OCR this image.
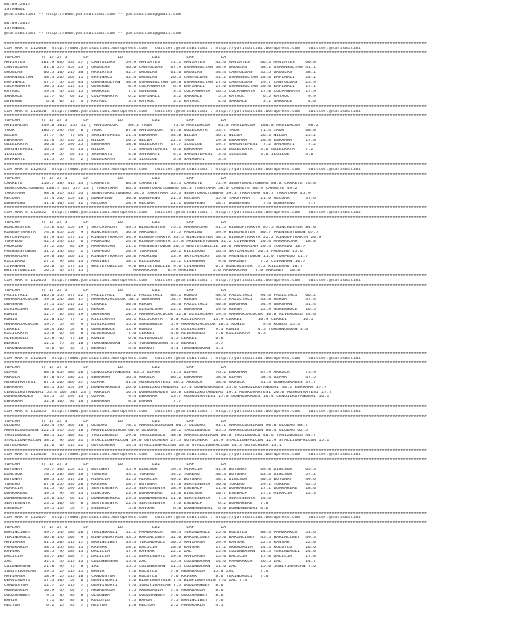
06.09.2017
ISTANBUL
@YarisBilimi -- http://www.yarisbilimi.com -- yarisbilimi@gmail.com
06.09.2017
ISTANBUL
@YarisBilimi -- http://www.yarisbilimi.com -- yarisbilimi@gmail.com
################################################################################################################################################################
CIM ARA = 112048  http://www.yarisbilimi.wordpress.com   twitter:@YarisBilimi : http://yarisbilimi.wordpress.com   twitter:@YarisBilimi
################################################################################################################################################################
TOPLAM        Y/ 1/ 2/ 3      LF           LD           LD2          LAF          LA
MAVIATES      101.9 46/ 33/ 27 | CANYOLDAS    59.9 MAVIATES    72.1 MAVIATES    42.6 MAVIATES    66.3 MAVIATES    60.8
CANYOLDAS      81.8 27/ 45/ 23 | ORUGLAS      46.0 CANYOLDAS   67.9 OSMANSULTAN 38.9 ORUGLAS     38.1 OSMANSULTAN 41.1
ORUGLAS        66.5 18/ 21/ 38 | MAVIATES     42.7 ORUGLAS     61.6 ORUGLAS     34.4 CANYOLDAS   32.5 ORUGLAS     38.1
OSMANSULTAN    48.3 26/ 16/ 11 | ERFINALI     32.4 ORUGLAS     26.3 CANYOLDAS   31.2 OSMANSULTAN 28.6 ERFINALI    24.2
ERFINALI       47.7  3/ 15/ 44 | OSMANSULTAN  30.8 OSMANSULTAN 18.8 OSMANSULTAN 27.6 CANYOLDAS   19.7 CANYOLDAS   25.9
COLPANMAYA     30.1 13/ 11/ 11 | GUVERNE       8.9 COLPANMAYA   6.9 ERFINALI    17.0 OSMANSULTAN 20.0 ERFINALI    17.1
KAYAOC         19.4  4/ 13/ 15 | SARKALE       7.2 GUVERNE      3.3 COLPANMAYA  16.5 COLPANMAYA  17.0 COLPANMAYA  17.9
SARKALE        12.7  6/  6/ 12 | COLPANMAYA    6.2 ERFINALI     3.2 SARKALE      5.3 KAYAOC       6.5 KAYAOC       9.9
GUVERNE         6.0  0/  1/  4 | KAYAOC        3.4 KAYAOC       3.1 KAYAOC       4.6 SARKALE      3.1 SARKALE      4.0
################################################################################################################################################################
CIM ARA = 112050  http://www.yarisbilimi.wordpress.com   twitter:@YarisBilimi : http://yarisbilimi.wordpress.com   twitter:@YarisBilimi
################################################################################################################################################################
TOPLAM        Y/ 1/ 2/ 3      LF           LD           LD2          LAF          LA
MAVIDALGA     149.0 101/ 25/ 11 | MAVIDALGA    89.3 TROR        73.0 MAVIDALGA   81.8 MAVIDALGA  100.0 MAVIDALGA   98.2
TROR          106.7 29/ 76/  8 | TROR         67.0 MAVIDALGA   67.0 GUZELKAYA   53.7 TROR        71.4 TROR        68.8
NILDA          37.7  4/  7/ 64 | SAHINTEPESI  21.4 EBRAHAM     34.0 NILDA       36.1 NILDA       26.3 NILDA       25.2
EBRAHAM        32.6  3/ 13/ 25 | NILDA        20.2 NILDA       22.1 TROR        29.8 EBRAHAM     20.8 EBRAHAM     17.8
GUZELKAYA      30.6  5/ 19/ 25 | EBRAHAM      18.0 GUZELKAYA   17.7 ILGILGE     19.7 SAHINTEPESI  7.2 SAVABATI     7.2
SAHINTEPESI    16.5  4/  4/ 13 | NILDA         7.2 SAHINTEPESI  6.6 EBRAHAM     13.6 GUZELKAYA   3.6 GUZELKAYA    7.2
ILGILGE        14.9  3/  6/ 11 | SAVABATI      4.0 SAVABATI     4.1 SAHINTEPESI  3.6 ILGILGE     3.6 ILGILGE      3.6
SAVABATI       11.5  5/  4/  2 | GUZELKAYA     3.6 ILGILGE      3.6 SAVABATI     3.3
################################################################################################################################################################
CIM ARA = 112051  http://www.yarisbilimi.wordpress.com   twitter:@YarisBilimi : http://yarisbilimi.wordpress.com   twitter:@YarisBilimi
################################################################################################################################################################
TOPLAM        Y/ 1/ 2/ 3      LF           LD           LD2          LAF          LA
CARRETE       116.7 38/ 41/ 33 | CARRETE      66.8 CARRETE     85.5 CARRETE     72.9 SENATORALTUNBAG 80.8 CARRETE 76.8
SENATORALTUNBAG 106.7 32/ 57/ 23 | TAKAYAMA   66.3 SENATORALTUNBAG 64.3 TAKAYAMA 58.0 CARRETE 60.9 CARRETE 49.2
TAKAYAMA       98.0 31/ 41/ 53 | SENATORALTUNBAG 54.3 TAKAYAMA 55.3 SENATORALTUNBAG 39.3 TAKAYAMA 40.7 TAKAYAMA 45.9
RECORA         57.4 26/ 15/ 16 | DONGFENG     30.0 DONGFENG    21.3 RECORA      35.0 TAKAYAMA    21.6 RECORA      37.6
DONGFENG       31.6 10/ 13/ 12 | RECORA       28.9 RECORA      21.1 DONGFENG    18.7 DONGFENG     7.6 DONGFENG     7.7
################################################################################################################################################################
CIM ARA = 112052  http://www.yarisbilimi.wordpress.com   twitter:@YarisBilimi : http://yarisbilimi.wordpress.com   twitter:@YarisBilimi
################################################################################################################################################################
TOPLAM        Y/ 1/ 2/ 3      LF           LD           LD2          LAF          LA
WINCHESTER     75.6 43/ 15/ 19 | SKYCAVALRY   49.5 WINCHESTER  75.1 MAHARAJAH   41.5 KINGOFTRAKYA 87.5 WINCHESTER 84.0
KINGOFTRAKYA   74.0 45/ 25/  9 | WINCHESTER   36.6 MARINEY     37.5 PADRINO     39.9 WINCHESTER  80.7 PRENSESTOBUN 67.7
SKYCAVALRY     67.9 43/ 17/ 11 | KINGOFTRAKYA 34.9 KINGOFTRAKYA 33.5 WINCHESTER 38.2 KINGOFTRAKYA 22.2 KINGOFTRAKYA 20.9
TORPEDO        42.5 24/ 11/  6 | PADRINO      24.6 KINGOFTRAKYA 27.8 PRENSESTOBUN 32.2 CIVANHAN  20.6 MAHARAJAH   18.8
PADRINO        37.2 26/  8/ 19 | MAHARAJAH    21.1 PRENSESTOBUN 20.5 WHITETOBLLIE 18.6 MAHARAJAH 20.4 TORPEDO 18.7
PRENSESTOBUN   31.2 14/ 14/  2 | TORPEDO      20.9 TORPEDO     20.2 KILLERAD    16.4 SKYCAVALRY 20.1 PADRINO 15.6
MAHARAJAH      29.0 10/ 16/ 11 | KINGOFTRAKYA 20.0 PADRINO     13.9 SKYCAVALRY  10.0 PRENSESTOBUN 11.0 TORPEDO 11.7
KILLERAD       27.2  9/ 18/ 13 | MARINEY      18.1 KILLERAD    12.2 CIVANHAN     9.0 MARINEY     7.2 CIVANHAN 10.7
CIVANHAN       26.0  3/ 17/ 13 | WHITETOBLLIE  9.0 WHITETOBLLIE 9.6 CIVANHAN    6.5 WINCHESTER  7.2 KILLERAD 10.7
WHITETOBLLIE   16.5  4/ 17/ 11 |                 MAHARAJAH    8.9 MARINEY      5.0 MAHARAJAH   7.0 MARINEY  10.8
################################################################################################################################################################
CIM ARA = 112053  http://www.yarisbilimi.wordpress.com   twitter:@YarisBilimi : http://yarisbilimi.wordpress.com   twitter:@YarisBilimi
################################################################################################################################################################
TOPLAM        Y/ 1/ 2/ 3      LF           LD           LD2          LAF          LA
FAZILYALI     105.6 55/ 37/ 22 | FAZILYALI    60.2 FAZILYALI   66.1 KONIG       48.6 FAZILYALI   94.6 FAZILYALI   66.2
MAHARAJACOCUK  59.6 24/ 30/ 17 | MAHARAJACOCUK 58.3 UBASHAN    54.7 REKOR       43.5 FAZILYALI   43.8 REKOR       47.4
UBASHAN        57.1 11/ 21/ 22 | CEKKEI       30.0 REKOR       54.0 FAZILYALI   40.8 UBASHAN     34.9 UBASHAN     31.4
DISIALSAH      40.5 10/ 10/ 15 | REKOR        22.4 DISIALSAH   22.1 UBASHAN     19.6 REKOR       22.9 GUREBNOCE   16.5
KONIG          32.7  8/ 14/ 19 | UBASHAN      20.5 MAHARAJACOCUK 12.0 DISIALSAH 19.4 MAHARAJACOCUK 10.8 ALVEROGLU 14.0
KONIG          22.0 11/  7/  2 | KILICKAYA    16.1 KILICKAYA   6.0 KILICKAYA   13.9 CEKKEI      10.9 CEKKEI      16.1
MAHARAJACOCUK  19.7  5/  9/  9 | DISIALSAH    15.6 GUREBNOCE   5.9 MAHARAJACOCUK 10.2 KONIG       9.6 KONIG 15.3
CEKKEI         18.4 10/  5/  8 | GUREBNOCE    13.9 KONIG       5.8 DISIALSAH    9.3 KONIG       4.5 TORUNNUGGAN 3.6
KILICKAYA      15.8  6/  6/  8 | ALVEROGLU     7.6 CEKKEI      4.6 ALVEROGLU    7.6 KILICKAYA   4.5
ALVEROGLU      15.8  6/  7/ 10 | KONIG         6.0 ALVEROGLU   4.5 CEKKEI       6.6
BERKUT         12.2  7/  3/ 10 | TORUNNUGGAN   5.4 TORUNNUGGAN 3.5 BERKUT       5.7
TORUNNUGGAN     6.6  6/  3/  5 | BERKUT        4.6 BERKUT      3.3 TORUNNUGGAN  3.5
################################################################################################################################################################
CIM ARA = 112054  http://www.yarisbilimi.wordpress.com   twitter:@YarisBilimi : http://yarisbilimi.wordpress.com   twitter:@YarisBilimi
################################################################################################################################################################
TOPLAM        Y/ 1/ 2/ 3      LF           LD           LD2          LAF          LA
OZPAR          88.6 43/ 38/ 28 | CENGIZKOTANDEMI 63.5 OZPAR    71.5 OZPAR       76.2 EBRAHAM     67.9 AKKULA      75.9
AKKULA         87.8 47/ 18/ 21 | EBRAHAM      56.4 AKKULA      66.2 EBRAHAM     58.0 OZPAR       58.4 OZPAR       47.5
MOSKOVAATESI   67.3 26/ 46/ 37 | OZPAR        41.6 MOSKOVAATESI 36.2 AKKULA     38.0 AKKULA      31.4 DONMUSKADES 37.7
EBRAHAM        64.1 33/ 35/ 39 | DONMUSKADES  26.6 CENGIZKOTANDEMI 17.3 DONMUSKADES 25.0 CENGIZKOTANDEMI 30.1 EBRAHAM 37.7
CENGIZKOTANDEMI 55.4 10/ 36/ 23 | AKKULA      16.4 DONMUSKADES 16.8 CENGIZKOTANDEMI 19.1 MOSKOVAATESI 20.0 MOSKOVAATESI 27.7
DONMUSKADES    43.1  5/ 29/ 13 | OZPAR         9.4 EBRAHAM     13.7 MOSKOVAATESI 17.8 DONMUSKADES 16.4 CENGIZKOTANDEMI 16.1
EBRAHAM        32.8 16/  8/ 16 | EBRAHAM       8.6 ERHAN        7.7
################################################################################################################################################################
CIM ARA = 112055  http://www.yarisbilimi.wordpress.com   twitter:@YarisBilimi : http://yarisbilimi.wordpress.com   twitter:@YarisBilimi
################################################################################################################################################################
TOPLAM        Y/ 1/ 2/ 3      LF           LD           LD2          LAF          LA
ULUDAG        136.4 79/ 36/ 16 | ULUDAG       78.1 MARVELOUSIRON 80.7 ULUDAG    91.1 MARVELOUSIRON 90.0 ULUDAG 88.7
MARVELOUSIRON 122.3 51/ 55/ 18 | MARVELOUSIRON 60.0 ULUDAG     58.2 YAGIZBOGLU  65.5 MARVELOUSIRON 80.4 ULUDAG 62.5
YAGIZBOGLU     80.1 12/ 40/ 32 | YAGIZBOGLU   29.0 YAGIZBOGLU  48.0 MARVELOUSIRON 60.8 YAGIZBOGLU 40.6 YAGIZBOGLU 44.7
STALLIONFALCON 38.2  9/ 16/ 31 | STALLIONFALCON 19.0 GOTOCHEKA 27.5 GOTOCHEKA  14.9 STALLIONFALCON 12.9 STALLIONFALCON 15.1
GOTOCHEKA      31.6  6/ 11/ 22 | GOTOCHEKA    14.4 STALLIONFALCON 10.0 STALLIONFALCON 14.3 GOTOCHEKA 13.1
################################################################################################################################################################
CIM ARA = 112056  http://www.yarisbilimi.wordpress.com   twitter:@YarisBilimi : http://yarisbilimi.wordpress.com   twitter:@YarisBilimi
################################################################################################################################################################
TOPLAM        Y/ 1/ 2/ 3      LF           LD           LD2          LAF          LA
BUTUNAY        76.7 30/ 25/ 21 | BUTUNAY      55.9 DINCSOR     59.3 MIRACIM     41.8 BUTUNAY     69.0 DINCSOR     65.3
DINCSOR        70.5 28/ 30/ 18 | TURERO       33.1 TURERO      54.2 TURERO      40.3 BUTUNAY     63.6 DINCSOR     57.2
BUTUNAY        68.3 15/ 31/ 28 | MIRACIM      32.3 MIRACIM     49.2 BUTUNAY     38.1 DINCSOR     40.3 BUTUNAY     49.6
TURERO         67.8 25/ 33/ 20 | KAVSAK       28.7 BUTUNAY     37.8 SERTESENYA  30.0 TURERO      29.1 TURERO      42.5
MIRACIM        41.5  6/ 19/ 24 | SERTESENYA   25.3 SERTESENYA  18.9 ESEBALP     11.0 DUMRAKERE   17.1 DUMRAKERE   18.0
DUMRAKERE      39.5  9/  9/ 13 | DINCSOR      23.9 DUMRAKERE   11.0 DINCSOR     10.7 ESEBALP     17.1 MIRACIM     12.3
DONNANERERI    23.6 13/  6/ 11 | DONNANERERI  23.3 DONNANERERI 11.0 SERTESENYA   7.3 SERTESENYA  14.6
SERTESENYA     23.2 10/  6/  8 | SERTESENYA   22.4 SERTESENYA   7.6 ESEBALP      6.2 DUMRAKERE   7.8
ESEBALP        19.1 13/  5/  7 | ESEBALP       5.8 KAVSAK       6.0 DONNANERERI  6.0 DONNANERERI 6.6
################################################################################################################################################################
CIM ARA = 112057  http://www.yarisbilimi.wordpress.com   twitter:@YarisBilimi : http://yarisbilimi.wordpress.com   twitter:@YarisBilimi
################################################################################################################################################################
TOPLAM        Y/ 1/ 2/ 3      LF           LD           LD2          LAF          LA
BARINCIBEY     49.7 14/ 18/ 20 | TEKINDAGLI   52.2 PAMUKAKLA   38.4 TEKINDAGLI  25.0 KULUTLU     88.4 PAMUKAKLA   53.6
TEKINDAGLI     46.8 14/ 10/  9 | BINFINGATRIN 33.5 BARINCIBEY  32.0 BARINCIBEY  25.0 BARINCIBEY  45.5 BARINCIBEY  49.3
MAVIMASA       41.3 20/ 11/ 17 | BARINCIBEY   33.3 TEKINDAGLI  30.5 MAVIMASA    19.9 KAVSAK      22.3 KAVSAK      22.0
PAMUKAKLA      38.5 15/ 14/ 11 | KAVSAK       28.2 DALICIM     28.6 KAVSAK      17.2 AKBADAGIM   14.3 KULUTLU     26.6
KAVSAK         38.5  9/ 18/ 13 | DALICIM      17.9 KAVSAK      22.2 ZAL         15.0 CUZUNBASAN  14.3 TEKINDAGLI  24.0
DALICIM        33.7 10/ 10/  7 | DALICIM      17.1 DERVISDAYI  19.6 MAVIMASA    15.0 DALICIM     17.0 DALICIM     17.0
ZAL            32.1  5/ 21/ 13 | CUZUNBASAN   15.6 ZAL         15.4 CUZUNBASAN  14.6 PAMUKAKLA   16.5 ZAL         14.7
CUZUNBASAN     21.0  9/  7/  8 | ZAL          15.5 CUZUNBASAN  11.5 CUZUNBASAN  11.6 ZAL         15.0 JUNIYIRASCAN 7.6
JUNIYIRASCAN   19.5  2/ 11/ 11 | BAHIR         7.6 KULUTLU     7.8 AKBADAGIM   15.0 ZAL          7.4
MAVIMASA       18.9  2/ 11/ 10 | CANDOSTUM     7.6 KULUTLU     7.6 KAVSAK       8.6 TEKINDAGLI   7.6
DERVISDAYI     17.3 10/  5/  6 | DERVISDAYI    7.6 BINFINGATRIN 7.4 BINFINGATRIN 7.6 ZAL 7.4
CANDOSTUM      12.7  2/ 11/  7 | DERVISDAYI    7.6 JUNIYIRASCAN 7.5 OGUZHANBEY  8.6
AKBADAGIM      10.9  3/  6/  7 | AKBADAGIM     7.5 AKBADAGIM   7.4 AKBADAGIM    8.6
OGUZHANBEY      9.1  8/  8/  8 | OLGUNBA       7.4 OGUZHANBEY  7.6 OGUZHANBEY   8.6
BAHIR           7.1  8/  8/  6 | KULUTLU       7.5 BAHIR       7.5 BARINCIBEY   7.6
HELYUM          6.2  2/  4/  7 | HELYUM        1.8 HELYUM      2.2 PAMUKAKLA    4.5
